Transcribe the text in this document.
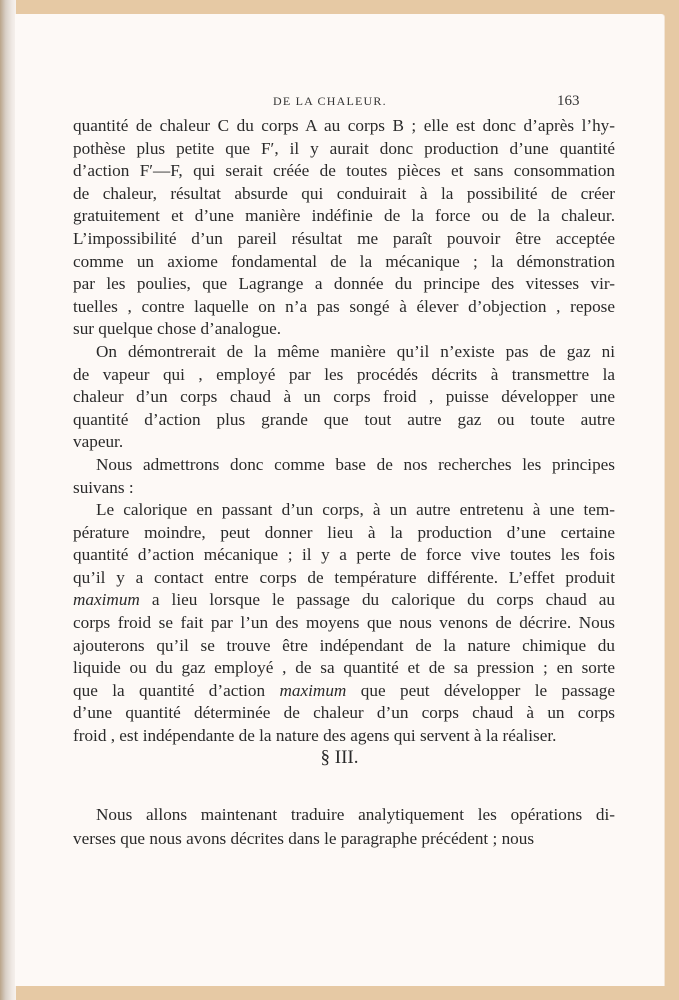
DE LA CHALEUR.	163

quantité de chaleur C du corps A au corps B ; elle est donc d’après l’hy-
pothèse plus petite que F′, il y aurait donc production d’une quantité
d’action F′—F, qui serait créée de toutes pièces et sans consommation
de chaleur, résultat absurde qui conduirait à la possibilité de créer
gratuitement et d’une manière indéfinie de la force ou de la chaleur.
L’impossibilité d’un pareil résultat me paraît pouvoir être acceptée
comme un axiome fondamental de la mécanique ; la démonstration
par les poulies, que Lagrange a donnée du principe des vitesses vir-
tuelles , contre laquelle on n’a pas songé à élever d’objection , repose
sur quelque chose d’analogue.

On démontrerait de la même manière qu’il n’existe pas de gaz ni
de vapeur qui , employé par les procédés décrits à transmettre la
chaleur d’un corps chaud à un corps froid , puisse développer une
quantité d’action plus grande que tout autre gaz ou toute autre
vapeur.

Nous admettrons donc comme base de nos recherches les principes
suivans :

Le calorique en passant d’un corps, à un autre entretenu à une tem-
pérature moindre, peut donner lieu à la production d’une certaine
quantité d’action mécanique ; il y a perte de force vive toutes les fois
qu’il y a contact entre corps de température différente. L’effet produit
maximum a lieu lorsque le passage du calorique du corps chaud au
corps froid se fait par l’un des moyens que nous venons de décrire. Nous
ajouterons qu’il se trouve être indépendant de la nature chimique du
liquide ou du gaz employé , de sa quantité et de sa pression ; en sorte
que la quantité d’action maximum que peut développer le passage
d’une quantité déterminée de chaleur d’un corps chaud à un corps
froid , est indépendante de la nature des agens qui servent à la réaliser.

§ III.

Nous allons maintenant traduire analytiquement les opérations di-
verses que nous avons décrites dans le paragraphe précédent ; nous
